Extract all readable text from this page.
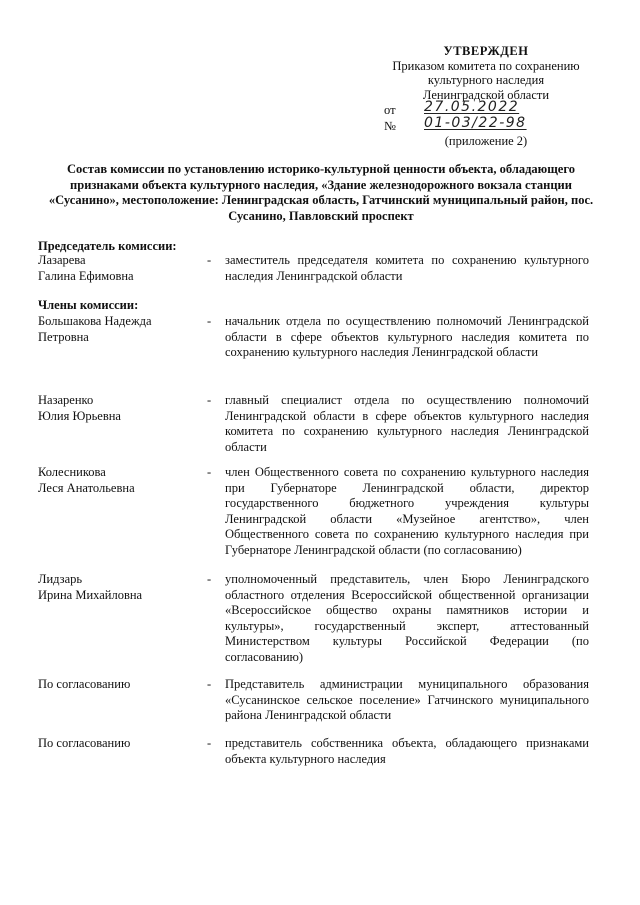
УТВЕРЖДЕН
Приказом комитета по сохранению
культурного наследия
Ленинградской области
от 27.05.2022
№ 01-03/22-98
(приложение 2)
Состав комиссии по установлению историко-культурной ценности объекта, обладающего признаками объекта культурного наследия, «Здание железнодорожного вокзала станции «Сусанино», местоположение: Ленинградская область, Гатчинский муниципальный район, пос. Сусанино, Павловский проспект
Председатель комиссии:
Лазарева
Галина Ефимовна
- заместитель председателя комитета по сохранению культурного наследия Ленинградской области
Члены комиссии:
Большакова Надежда
Петровна
- начальник отдела по осуществлению полномочий Ленинградской области в сфере объектов культурного наследия комитета по сохранению культурного наследия Ленинградской области
Назаренко
Юлия Юрьевна
- главный специалист отдела по осуществлению полномочий Ленинградской области в сфере объектов культурного наследия комитета по сохранению культурного наследия Ленинградской области
Колесникова
Леся Анатольевна
- член Общественного совета по сохранению культурного наследия при Губернаторе Ленинградской области, директор государственного бюджетного учреждения культуры Ленинградской области «Музейное агентство», член Общественного совета по сохранению культурного наследия при Губернаторе Ленинградской области (по согласованию)
Лидзарь
Ирина Михайловна
- уполномоченный представитель, член Бюро Ленинградского областного отделения Всероссийской общественной организации «Всероссийское общество охраны памятников истории и культуры», государственный эксперт, аттестованный Министерством культуры Российской Федерации (по согласованию)
По согласованию	- Представитель администрации муниципального образования «Сусанинское сельское поселение» Гатчинского муниципального района Ленинградской области
По согласованию	- представитель собственника объекта, обладающего признаками объекта культурного наследия
